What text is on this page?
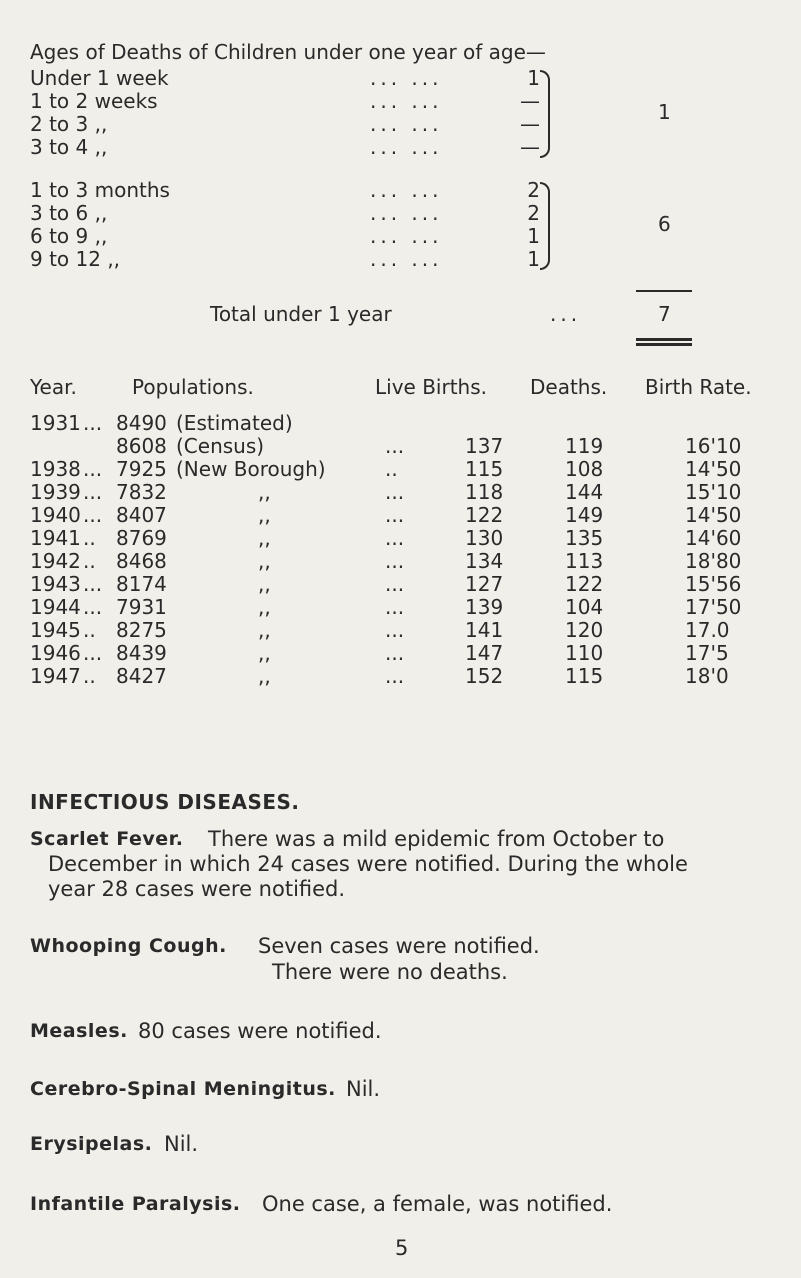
Ages of Deaths of Children under one year of age—
Under 1 week	... ...	1
1 to 2 weeks	... ...	—
2 to 3 ,,	... ...	—
3 to 4 ,,	... ...	—
1
1 to 3 months	... ...	2
3 to 6 ,,	... ...	2
6 to 9 ,,	... ...	1
9 to 12 ,,	... ...	1
6
Total under 1 year	...	7
Year.	Populations.	Live Births. Deaths. Birth Rate.
1931 ... 8490 (Estimated)
8608 (Census)	...	137	119	16'10
1938 ... 7925 (New Borough)	..	115	108	14'50
1939 ... 7832	,,	...	118	144	15'10
1940 ... 8407	,,	...	122	149	14'50
1941 .. 8769	,,	...	130	135	14'60
1942 .. 8468	,,	...	134	113	18'80
1943 ... 8174	,,	...	127	122	15'56
1944 ... 7931	,,	...	139	104	17'50
1945 .. 8275	,,	...	141	120	17.0
1946 ... 8439	,,	...	147	110	17'5
1947 .. 8427	,,	...	152	115	18'0
INFECTIOUS DISEASES.
Scarlet Fever. There was a mild epidemic from October to
December in which 24 cases were notified. During the whole
year 28 cases were notified.
Whooping Cough. Seven cases were notified.
There were no deaths.
Measles. 80 cases were notified.
Cerebro-Spinal Meningitus. Nil.
Erysipelas. Nil.
Infantile Paralysis. One case, a female, was notified.
5
